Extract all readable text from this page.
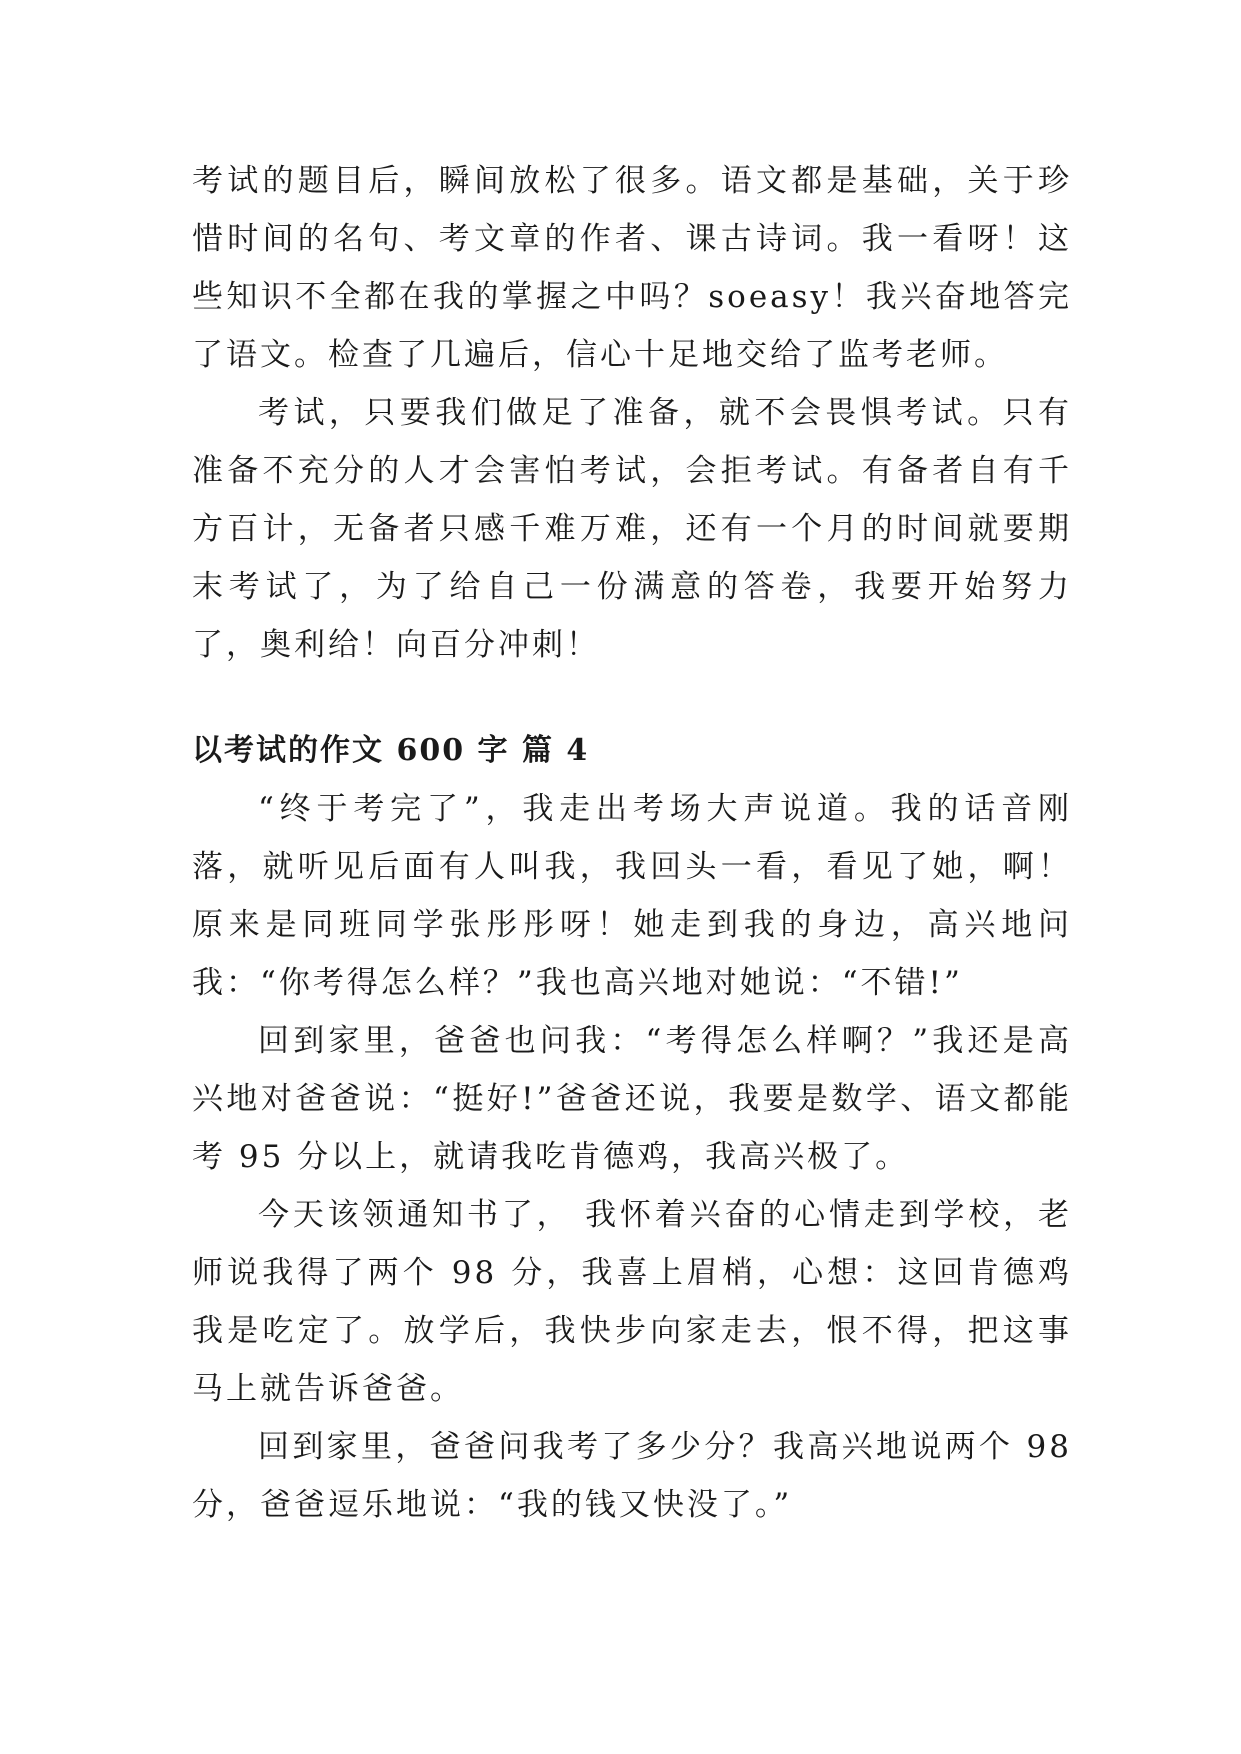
考试的题目后，瞬间放松了很多。语文都是基础，关于珍惜时间的名句、考文章的作者、课古诗词。我一看呀！这些知识不全都在我的掌握之中吗？soeasy！我兴奋地答完了语文。检查了几遍后，信心十足地交给了监考老师。

考试，只要我们做足了准备，就不会畏惧考试。只有准备不充分的人才会害怕考试，会拒考试。有备者自有千方百计，无备者只感千难万难，还有一个月的时间就要期末考试了，为了给自己一份满意的答卷，我要开始努力了，奥利给！向百分冲刺！

以考试的作文 600 字 篇 4

“终于考完了”，我走出考场大声说道。我的话音刚落，就听见后面有人叫我，我回头一看，看见了她，啊！原来是同班同学张彤彤呀！她走到我的身边，高兴地问我：“你考得怎么样？”我也高兴地对她说：“不错!”

回到家里，爸爸也问我：“考得怎么样啊？”我还是高兴地对爸爸说：“挺好!”爸爸还说，我要是数学、语文都能考 95 分以上，就请我吃肯德鸡，我高兴极了。

今天该领通知书了， 我怀着兴奋的心情走到学校，老师说我得了两个 98 分，我喜上眉梢，心想：这回肯德鸡我是吃定了。放学后，我快步向家走去，恨不得，把这事马上就告诉爸爸。

回到家里，爸爸问我考了多少分？我高兴地说两个 98 分，爸爸逗乐地说：“我的钱又快没了。”
